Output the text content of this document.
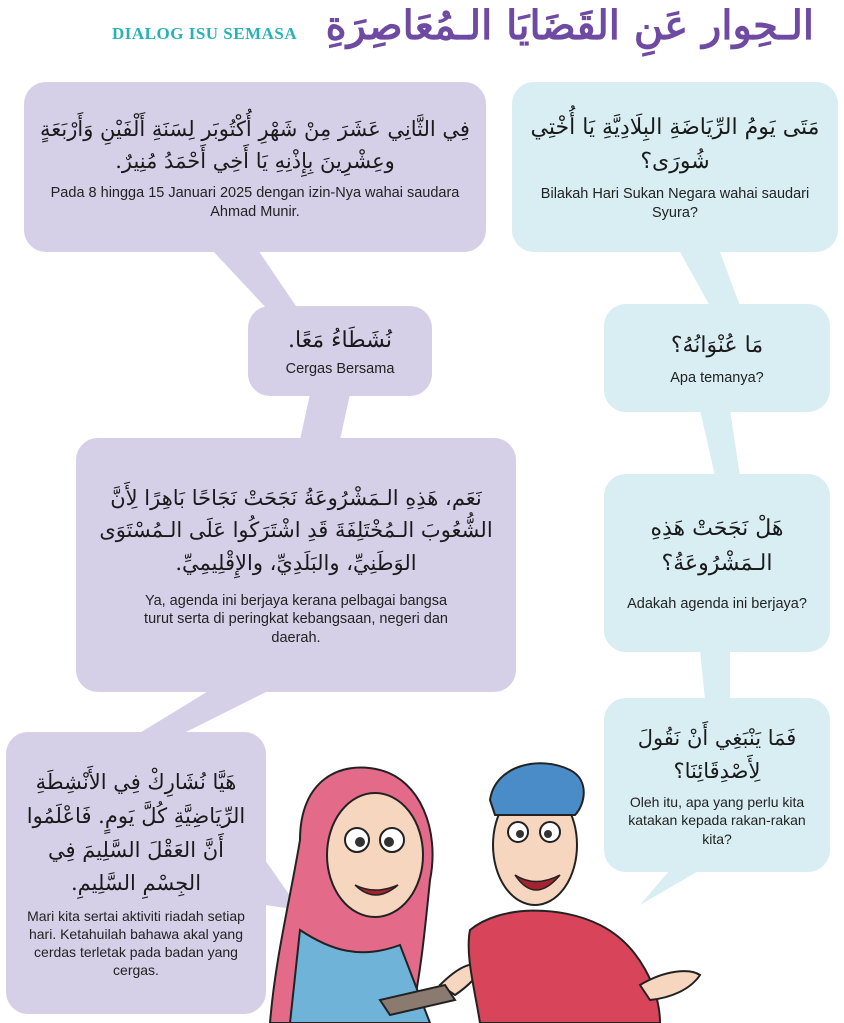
DIALOG ISU SEMASA الـحِوار عَنِ القَضَايَا الـمُعَاصِرَةِ
فِي الثَّانِي عَشَرَ مِنْ شَهْرِ أُكْتُوبَر لِسَنَةِ أَلْفَيْنِ وَأَرْبَعَةٍ وعِشْرِينَ بِإِذْنِهِ يَا أَخِي أَحْمَدُ مُنِيرٌ.
Pada 8 hingga 15 Januari 2025 dengan izin-Nya wahai saudara Ahmad Munir.
مَتَى يَومُ الرِّيَاضَةِ البِلَادِيَّةِ يَا أُخْتِي شُورَى؟
Bilakah Hari Sukan Negara wahai saudari Syura?
نُشَطَاءُ مَعًا.
Cergas Bersama
مَا عُنْوَانُهُ؟
Apa temanya?
نَعَم، هَذِهِ الـمَشْرُوعَةُ نَجَحَتْ نَجَاحًا بَاهِرًا لِأَنَّ الشُّعُوبَ الـمُخْتَلِفَةَ قَدِ اشْتَرَكُوا عَلَى الـمُسْتَوَى الوَطَنِيِّ، والبَلَدِيِّ، والإِقْلِيمِيِّ.
Ya, agenda ini berjaya kerana pelbagai bangsa turut serta di peringkat kebangsaan, negeri dan daerah.
هَلْ نَجَحَتْ هَذِهِ الـمَشْرُوعَةُ؟
Adakah agenda ini berjaya?
هَيَّا نُشَارِكْ فِي الأَنْشِطَةِ الرِّيَاضِيَّةِ كُلَّ يَومٍ. فَاعْلَمُوا أَنَّ العَقْلَ السَّلِيمَ فِي الجِسْمِ السَّلِيمِ.
Mari kita sertai aktiviti riadah setiap hari. Ketahuilah bahawa akal yang cerdas terletak pada badan yang cergas.
فَمَا يَنْبَغِي أَنْ نَقُولَ لِأَصْدِقَائِنَا؟
Oleh itu, apa yang perlu kita katakan kepada rakan-rakan kita?
